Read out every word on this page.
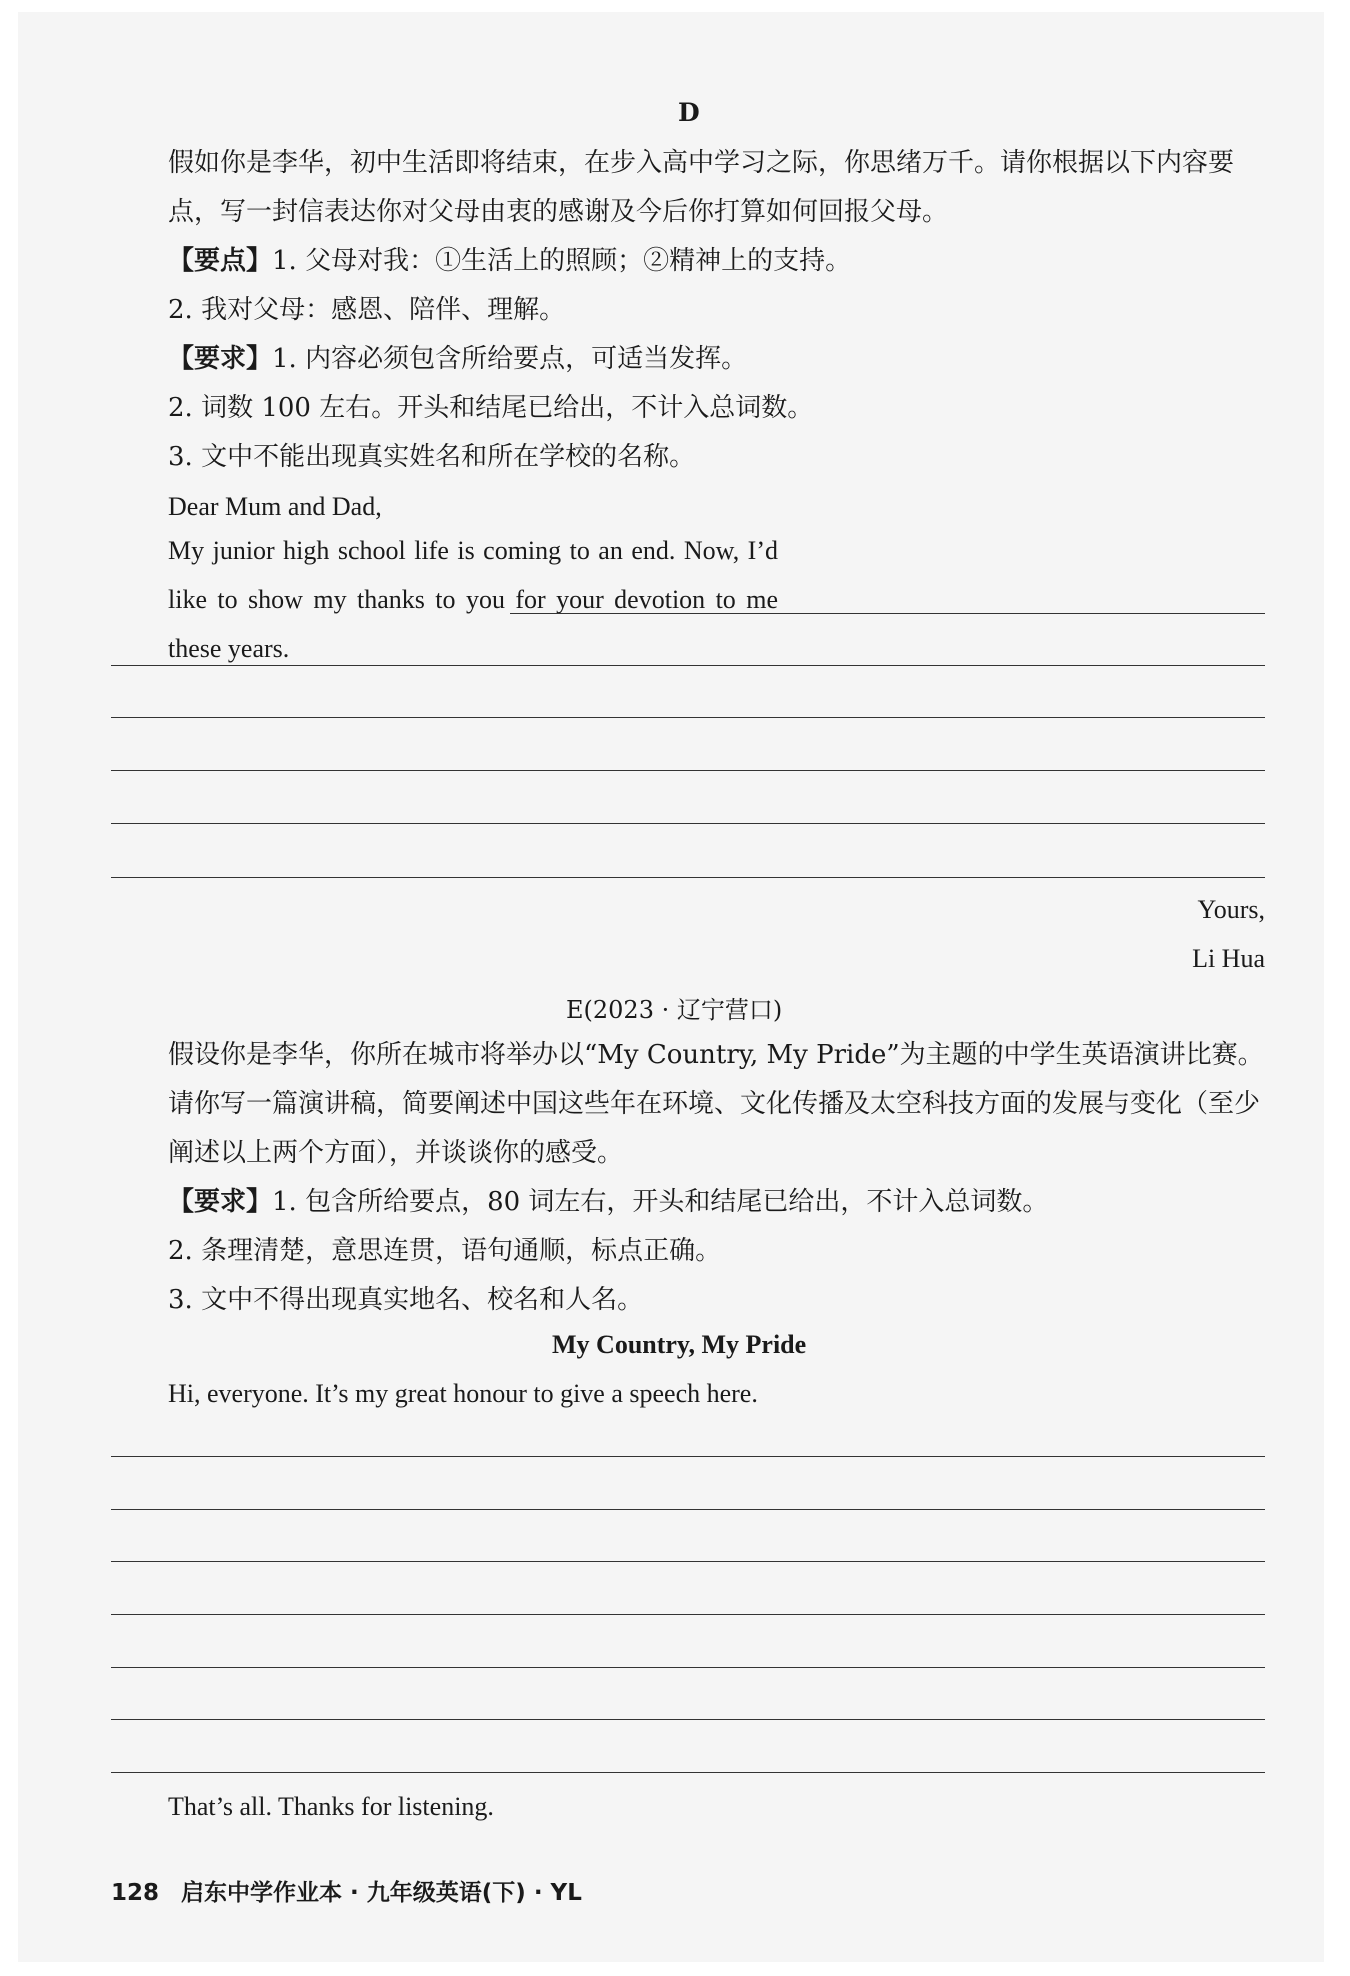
D
假如你是李华，初中生活即将结束，在步入高中学习之际，你思绪万千。请你根据以下内容要点，写一封信表达你对父母由衷的感谢及今后你打算如何回报父母。
【要点】1. 父母对我：①生活上的照顾；②精神上的支持。
2. 我对父母：感恩、陪伴、理解。
【要求】1. 内容必须包含所给要点，可适当发挥。
2. 词数 100 左右。开头和结尾已给出，不计入总词数。
3. 文中不能出现真实姓名和所在学校的名称。
Dear Mum and Dad,
My junior high school life is coming to an end. Now, I’d like to show my thanks to you for your devotion to me these years.
Yours,
Li Hua
E(2023 · 辽宁营口)
假设你是李华，你所在城市将举办以“My Country, My Pride”为主题的中学生英语演讲比赛。请你写一篇演讲稿，简要阐述中国这些年在环境、文化传播及太空科技方面的发展与变化（至少阐述以上两个方面），并谈谈你的感受。
【要求】1. 包含所给要点，80 词左右，开头和结尾已给出，不计入总词数。
2. 条理清楚，意思连贯，语句通顺，标点正确。
3. 文中不得出现真实地名、校名和人名。
My Country, My Pride
Hi, everyone. It’s my great honour to give a speech here.
That’s all. Thanks for listening.
128 启东中学作业本 · 九年级英语(下) · YL
